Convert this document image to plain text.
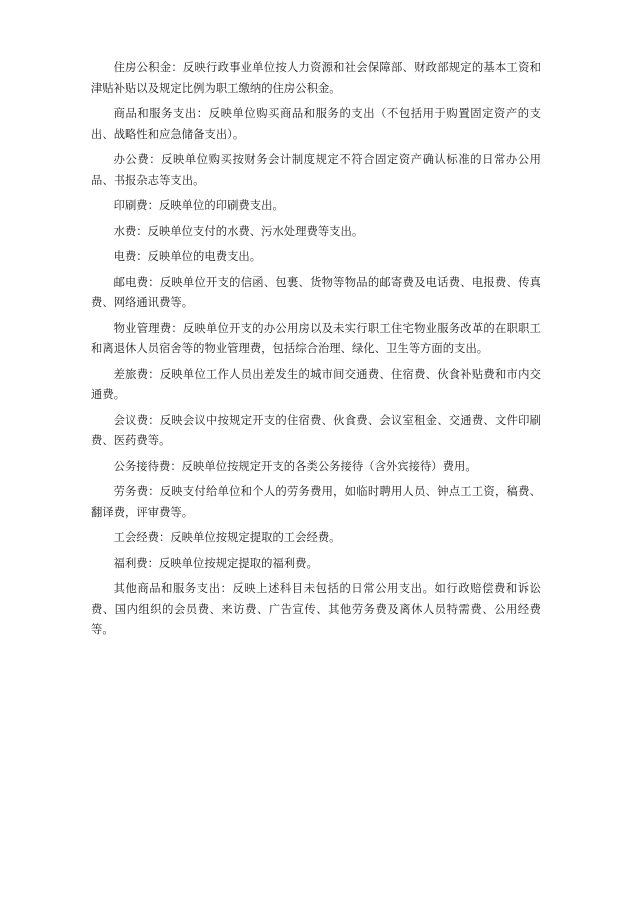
住房公积金：反映行政事业单位按人力资源和社会保障部、财政部规定的基本工资和津贴补贴以及规定比例为职工缴纳的住房公积金。

商品和服务支出：反映单位购买商品和服务的支出（不包括用于购置固定资产的支出、战略性和应急储备支出）。

办公费：反映单位购买按财务会计制度规定不符合固定资产确认标准的日常办公用品、书报杂志等支出。

印刷费：反映单位的印刷费支出。

水费：反映单位支付的水费、污水处理费等支出。

电费：反映单位的电费支出。

邮电费：反映单位开支的信函、包裹、货物等物品的邮寄费及电话费、电报费、传真费、网络通讯费等。

物业管理费：反映单位开支的办公用房以及未实行职工住宅物业服务改革的在职职工和离退休人员宿舍等的物业管理费，包括综合治理、绿化、卫生等方面的支出。

差旅费：反映单位工作人员出差发生的城市间交通费、住宿费、伙食补贴费和市内交通费。

会议费：反映会议中按规定开支的住宿费、伙食费、会议室租金、交通费、文件印刷费、医药费等。

公务接待费：反映单位按规定开支的各类公务接待（含外宾接待）费用。

劳务费：反映支付给单位和个人的劳务费用，如临时聘用人员、钟点工工资，稿费、翻译费，评审费等。

工会经费：反映单位按规定提取的工会经费。

福利费：反映单位按规定提取的福利费。

其他商品和服务支出：反映上述科目未包括的日常公用支出。如行政赔偿费和诉讼费、国内组织的会员费、来访费、广告宣传、其他劳务费及离休人员特需费、公用经费等。
